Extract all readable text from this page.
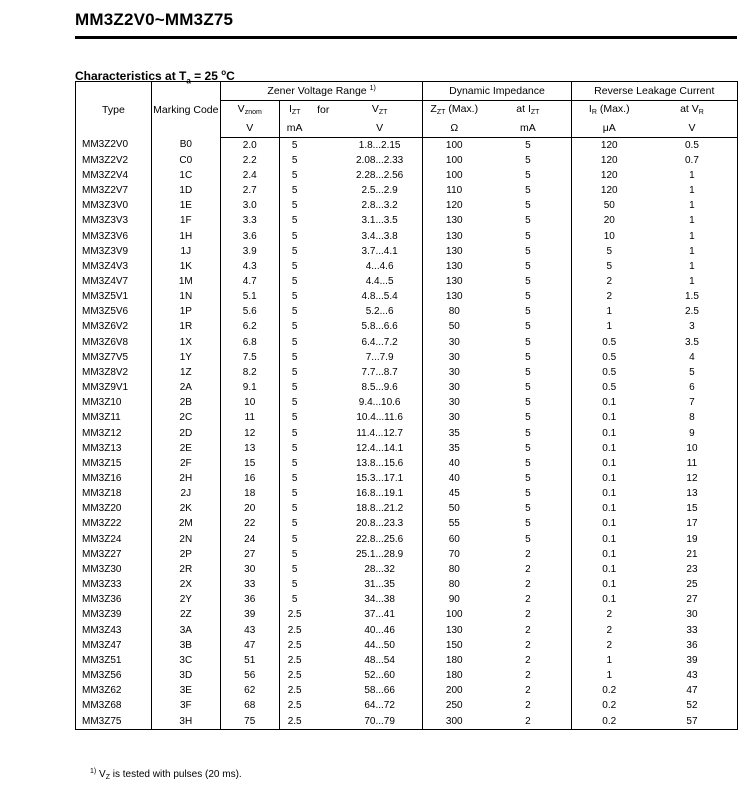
MM3Z2V0~MM3Z75
Characteristics at $T_a = 25$ $^o$C
Type	Marking Code	Zener Voltage Range $^{1)}$				Dynamic Impedance		Reverse Leakage Current	
		$V_{znom}$	$I_{ZT}$	for	$V_{ZT}$	$Z_{ZT}$ (Max.)	at $I_{ZT}$	$I_R$ (Max.)	at $V_R$
		V	mA		V	Ω	mA	μA	V
MM3Z2V0	B0	2.0	5		1.8...2.15	100	5	120	0.5
MM3Z2V2	C0	2.2	5		2.08...2.33	100	5	120	0.7
MM3Z2V4	1C	2.4	5		2.28...2.56	100	5	120	1
MM3Z2V7	1D	2.7	5		2.5...2.9	110	5	120	1
MM3Z3V0	1E	3.0	5		2.8...3.2	120	5	50	1
MM3Z3V3	1F	3.3	5		3.1...3.5	130	5	20	1
MM3Z3V6	1H	3.6	5		3.4...3.8	130	5	10	1
MM3Z3V9	1J	3.9	5		3.7...4.1	130	5	5	1
MM3Z4V3	1K	4.3	5		4...4.6	130	5	5	1
MM3Z4V7	1M	4.7	5		4.4...5	130	5	2	1
MM3Z5V1	1N	5.1	5		4.8...5.4	130	5	2	1.5
MM3Z5V6	1P	5.6	5		5.2...6	80	5	1	2.5
MM3Z6V2	1R	6.2	5		5.8...6.6	50	5	1	3
MM3Z6V8	1X	6.8	5		6.4...7.2	30	5	0.5	3.5
MM3Z7V5	1Y	7.5	5		7...7.9	30	5	0.5	4
MM3Z8V2	1Z	8.2	5		7.7...8.7	30	5	0.5	5
MM3Z9V1	2A	9.1	5		8.5...9.6	30	5	0.5	6
MM3Z10	2B	10	5		9.4...10.6	30	5	0.1	7
MM3Z11	2C	11	5		10.4...11.6	30	5	0.1	8
MM3Z12	2D	12	5		11.4...12.7	35	5	0.1	9
MM3Z13	2E	13	5		12.4...14.1	35	5	0.1	10
MM3Z15	2F	15	5		13.8...15.6	40	5	0.1	11
MM3Z16	2H	16	5		15.3...17.1	40	5	0.1	12
MM3Z18	2J	18	5		16.8...19.1	45	5	0.1	13
MM3Z20	2K	20	5		18.8...21.2	50	5	0.1	15
MM3Z22	2M	22	5		20.8...23.3	55	5	0.1	17
MM3Z24	2N	24	5		22.8...25.6	60	5	0.1	19
MM3Z27	2P	27	5		25.1...28.9	70	2	0.1	21
MM3Z30	2R	30	5		28...32	80	2	0.1	23
MM3Z33	2X	33	5		31...35	80	2	0.1	25
MM3Z36	2Y	36	5		34...38	90	2	0.1	27
MM3Z39	2Z	39	2.5		37...41	100	2	2	30
MM3Z43	3A	43	2.5		40...46	130	2	2	33
MM3Z47	3B	47	2.5		44...50	150	2	2	36
MM3Z51	3C	51	2.5		48...54	180	2	1	39
MM3Z56	3D	56	2.5		52...60	180	2	1	43
MM3Z62	3E	62	2.5		58...66	200	2	0.2	47
MM3Z68	3F	68	2.5		64...72	250	2	0.2	52
MM3Z75	3H	75	2.5		70...79	300	2	0.2	57
$^{1)}$ $V_Z$ is tested with pulses (20 ms).
